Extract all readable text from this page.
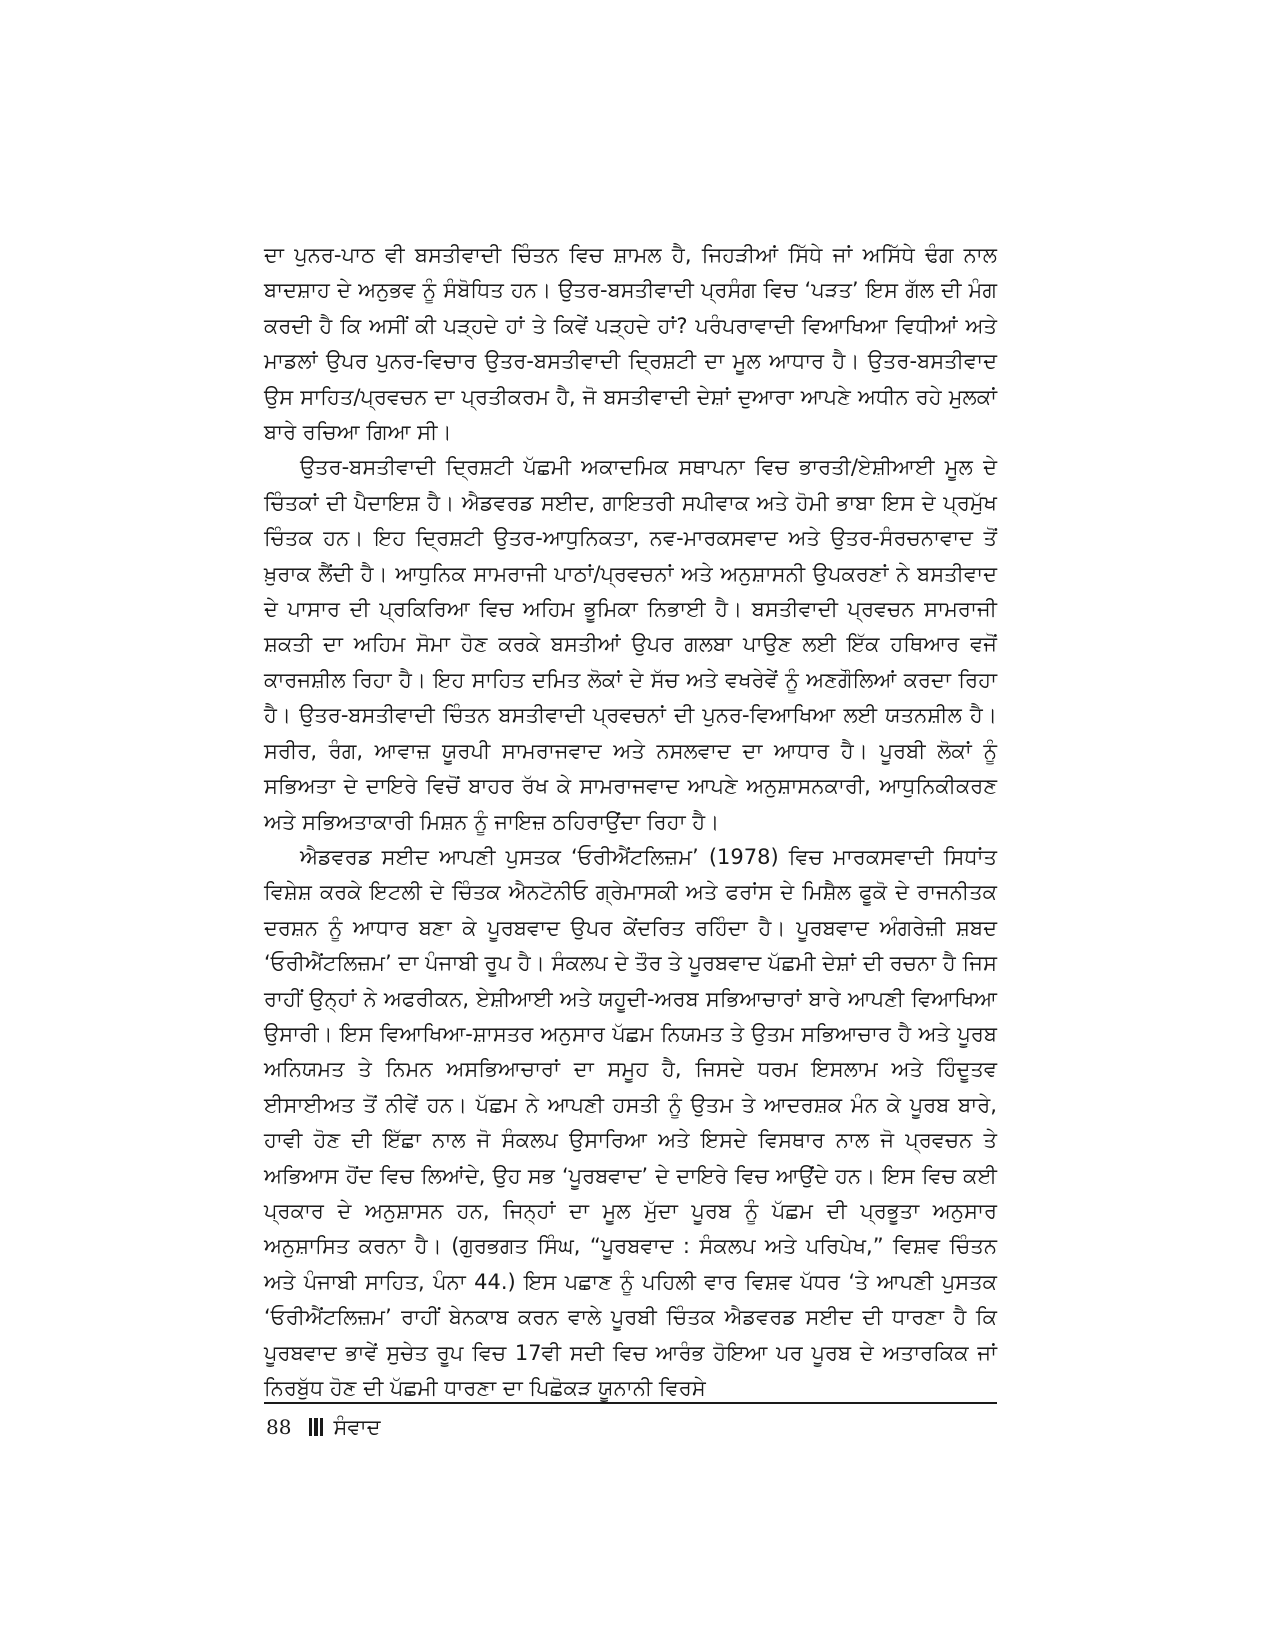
ਦਾ ਪੁਨਰ-ਪਾਠ ਵੀ ਬਸਤੀਵਾਦੀ ਚਿੰਤਨ ਵਿਚ ਸ਼ਾਮਲ ਹੈ, ਜਿਹੜੀਆਂ ਸਿੱਧੇ ਜਾਂ ਅਸਿੱਧੇ ਢੰਗ ਨਾਲ ਬਾਦਸ਼ਾਹ ਦੇ ਅਨੁਭਵ ਨੂੰ ਸੰਬੋਧਿਤ ਹਨ। ਉਤਰ-ਬਸਤੀਵਾਦੀ ਪ੍ਰਸੰਗ ਵਿਚ ‘ਪੜਤ’ ਇਸ ਗੱਲ ਦੀ ਮੰਗ ਕਰਦੀ ਹੈ ਕਿ ਅਸੀਂ ਕੀ ਪੜ੍ਹਦੇ ਹਾਂ ਤੇ ਕਿਵੇਂ ਪੜ੍ਹਦੇ ਹਾਂ? ਪਰੰਪਰਾਵਾਦੀ ਵਿਆਖਿਆ ਵਿਧੀਆਂ ਅਤੇ ਮਾਡਲਾਂ ਉਪਰ ਪੁਨਰ-ਵਿਚਾਰ ਉਤਰ-ਬਸਤੀਵਾਦੀ ਦ੍ਰਿਸ਼ਟੀ ਦਾ ਮੂਲ ਆਧਾਰ ਹੈ। ਉਤਰ-ਬਸਤੀਵਾਦ ਉਸ ਸਾਹਿਤ/ਪ੍ਰਵਚਨ ਦਾ ਪ੍ਰਤੀਕਰਮ ਹੈ, ਜੋ ਬਸਤੀਵਾਦੀ ਦੇਸ਼ਾਂ ਦੁਆਰਾ ਆਪਣੇ ਅਧੀਨ ਰਹੇ ਮੁਲਕਾਂ ਬਾਰੇ ਰਚਿਆ ਗਿਆ ਸੀ।

ਉਤਰ-ਬਸਤੀਵਾਦੀ ਦ੍ਰਿਸ਼ਟੀ ਪੱਛਮੀ ਅਕਾਦਮਿਕ ਸਥਾਪਨਾ ਵਿਚ ਭਾਰਤੀ/ਏਸ਼ੀਆਈ ਮੂਲ ਦੇ ਚਿੰਤਕਾਂ ਦੀ ਪੈਦਾਇਸ਼ ਹੈ। ਐਡਵਰਡ ਸਈਦ, ਗਾਇਤਰੀ ਸਪੀਵਾਕ ਅਤੇ ਹੋਮੀ ਭਾਬਾ ਇਸ ਦੇ ਪ੍ਰਮੁੱਖ ਚਿੰਤਕ ਹਨ। ਇਹ ਦ੍ਰਿਸ਼ਟੀ ਉਤਰ-ਆਧੁਨਿਕਤਾ, ਨਵ-ਮਾਰਕਸਵਾਦ ਅਤੇ ਉਤਰ-ਸੰਰਚਨਾਵਾਦ ਤੋਂ ਖ਼ੁਰਾਕ ਲੈਂਦੀ ਹੈ। ਆਧੁਨਿਕ ਸਾਮਰਾਜੀ ਪਾਠਾਂ/ਪ੍ਰਵਚਨਾਂ ਅਤੇ ਅਨੁਸ਼ਾਸਨੀ ਉਪਕਰਣਾਂ ਨੇ ਬਸਤੀਵਾਦ ਦੇ ਪਾਸਾਰ ਦੀ ਪ੍ਰਕਿਰਿਆ ਵਿਚ ਅਹਿਮ ਭੂਮਿਕਾ ਨਿਭਾਈ ਹੈ। ਬਸਤੀਵਾਦੀ ਪ੍ਰਵਚਨ ਸਾਮਰਾਜੀ ਸ਼ਕਤੀ ਦਾ ਅਹਿਮ ਸੋਮਾ ਹੋਣ ਕਰਕੇ ਬਸਤੀਆਂ ਉਪਰ ਗਲਬਾ ਪਾਉਣ ਲਈ ਇੱਕ ਹਥਿਆਰ ਵਜੋਂ ਕਾਰਜਸ਼ੀਲ ਰਿਹਾ ਹੈ। ਇਹ ਸਾਹਿਤ ਦਮਿਤ ਲੋਕਾਂ ਦੇ ਸੱਚ ਅਤੇ ਵਖਰੇਵੇਂ ਨੂੰ ਅਣਗੌਲਿਆਂ ਕਰਦਾ ਰਿਹਾ ਹੈ। ਉਤਰ-ਬਸਤੀਵਾਦੀ ਚਿੰਤਨ ਬਸਤੀਵਾਦੀ ਪ੍ਰਵਚਨਾਂ ਦੀ ਪੁਨਰ-ਵਿਆਖਿਆ ਲਈ ਯਤਨਸ਼ੀਲ ਹੈ। ਸਰੀਰ, ਰੰਗ, ਆਵਾਜ਼ ਯੂਰਪੀ ਸਾਮਰਾਜਵਾਦ ਅਤੇ ਨਸਲਵਾਦ ਦਾ ਆਧਾਰ ਹੈ। ਪੂਰਬੀ ਲੋਕਾਂ ਨੂੰ ਸਭਿਅਤਾ ਦੇ ਦਾਇਰੇ ਵਿਚੋਂ ਬਾਹਰ ਰੱਖ ਕੇ ਸਾਮਰਾਜਵਾਦ ਆਪਣੇ ਅਨੁਸ਼ਾਸਨਕਾਰੀ, ਆਧੁਨਿਕੀਕਰਣ ਅਤੇ ਸਭਿਅਤਾਕਾਰੀ ਮਿਸ਼ਨ ਨੂੰ ਜਾਇਜ਼ ਠਹਿਰਾਉਂਦਾ ਰਿਹਾ ਹੈ।

ਐਡਵਰਡ ਸਈਦ ਆਪਣੀ ਪੁਸਤਕ ‘ਓਰੀਐਂਟਲਿਜ਼ਮ’ (1978) ਵਿਚ ਮਾਰਕਸਵਾਦੀ ਸਿਧਾਂਤ ਵਿਸ਼ੇਸ਼ ਕਰਕੇ ਇਟਲੀ ਦੇ ਚਿੰਤਕ ਐਨਟੋਨੀਓ ਗ੍ਰੇਮਾਸਕੀ ਅਤੇ ਫਰਾਂਸ ਦੇ ਮਿਸ਼ੈਲ ਫੂਕੋ ਦੇ ਰਾਜਨੀਤਕ ਦਰਸ਼ਨ ਨੂੰ ਆਧਾਰ ਬਣਾ ਕੇ ਪੂਰਬਵਾਦ ਉਪਰ ਕੇਂਦਰਿਤ ਰਹਿੰਦਾ ਹੈ। ਪੂਰਬਵਾਦ ਅੰਗਰੇਜ਼ੀ ਸ਼ਬਦ ‘ਓਰੀਐਂਟਲਿਜ਼ਮ’ ਦਾ ਪੰਜਾਬੀ ਰੂਪ ਹੈ। ਸੰਕਲਪ ਦੇ ਤੌਰ ਤੇ ਪੂਰਬਵਾਦ ਪੱਛਮੀ ਦੇਸ਼ਾਂ ਦੀ ਰਚਨਾ ਹੈ ਜਿਸ ਰਾਹੀਂ ਉਨ੍ਹਾਂ ਨੇ ਅਫਰੀਕਨ, ਏਸ਼ੀਆਈ ਅਤੇ ਯਹੂਦੀ-ਅਰਬ ਸਭਿਆਚਾਰਾਂ ਬਾਰੇ ਆਪਣੀ ਵਿਆਖਿਆ ਉਸਾਰੀ। ਇਸ ਵਿਆਖਿਆ-ਸ਼ਾਸਤਰ ਅਨੁਸਾਰ ਪੱਛਮ ਨਿਯਮਤ ਤੇ ਉਤਮ ਸਭਿਆਚਾਰ ਹੈ ਅਤੇ ਪੂਰਬ ਅਨਿਯਮਤ ਤੇ ਨਿਮਨ ਅਸਭਿਆਚਾਰਾਂ ਦਾ ਸਮੂਹ ਹੈ, ਜਿਸਦੇ ਧਰਮ ਇਸਲਾਮ ਅਤੇ ਹਿੰਦੂਤਵ ਈਸਾਈਅਤ ਤੋਂ ਨੀਵੇਂ ਹਨ। ਪੱਛਮ ਨੇ ਆਪਣੀ ਹਸਤੀ ਨੂੰ ਉਤਮ ਤੇ ਆਦਰਸ਼ਕ ਮੰਨ ਕੇ ਪੂਰਬ ਬਾਰੇ, ਹਾਵੀ ਹੋਣ ਦੀ ਇੱਛਾ ਨਾਲ ਜੋ ਸੰਕਲਪ ਉਸਾਰਿਆ ਅਤੇ ਇਸਦੇ ਵਿਸਥਾਰ ਨਾਲ ਜੋ ਪ੍ਰਵਚਨ ਤੇ ਅਭਿਆਸ ਹੋਂਦ ਵਿਚ ਲਿਆਂਦੇ, ਉਹ ਸਭ ‘ਪੂਰਬਵਾਦ’ ਦੇ ਦਾਇਰੇ ਵਿਚ ਆਉਂਦੇ ਹਨ। ਇਸ ਵਿਚ ਕਈ ਪ੍ਰਕਾਰ ਦੇ ਅਨੁਸ਼ਾਸਨ ਹਨ, ਜਿਨ੍ਹਾਂ ਦਾ ਮੂਲ ਮੁੱਦਾ ਪੂਰਬ ਨੂੰ ਪੱਛਮ ਦੀ ਪ੍ਰਭੂਤਾ ਅਨੁਸਾਰ ਅਨੁਸ਼ਾਸਿਤ ਕਰਨਾ ਹੈ। (ਗੁਰਭਗਤ ਸਿੰਘ, “ਪੂਰਬਵਾਦ : ਸੰਕਲਪ ਅਤੇ ਪਰਿਪੇਖ,” ਵਿਸ਼ਵ ਚਿੰਤਨ ਅਤੇ ਪੰਜਾਬੀ ਸਾਹਿਤ, ਪੰਨਾ 44.) ਇਸ ਪਛਾਣ ਨੂੰ ਪਹਿਲੀ ਵਾਰ ਵਿਸ਼ਵ ਪੱਧਰ ‘ਤੇ ਆਪਣੀ ਪੁਸਤਕ ‘ਓਰੀਐਂਟਲਿਜ਼ਮ’ ਰਾਹੀਂ ਬੇਨਕਾਬ ਕਰਨ ਵਾਲੇ ਪੂਰਬੀ ਚਿੰਤਕ ਐਡਵਰਡ ਸਈਦ ਦੀ ਧਾਰਣਾ ਹੈ ਕਿ ਪੂਰਬਵਾਦ ਭਾਵੇਂ ਸੁਚੇਤ ਰੂਪ ਵਿਚ 17ਵੀ ਸਦੀ ਵਿਚ ਆਰੰਭ ਹੋਇਆ ਪਰ ਪੂਰਬ ਦੇ ਅਤਾਰਕਿਕ ਜਾਂ ਨਿਰਬੁੱਧ ਹੋਣ ਦੀ ਪੱਛਮੀ ਧਾਰਣਾ ਦਾ ਪਿਛੋਕੜ ਯੂਨਾਨੀ ਵਿਰਸੇ

88 ਸੰਵਾਦ
